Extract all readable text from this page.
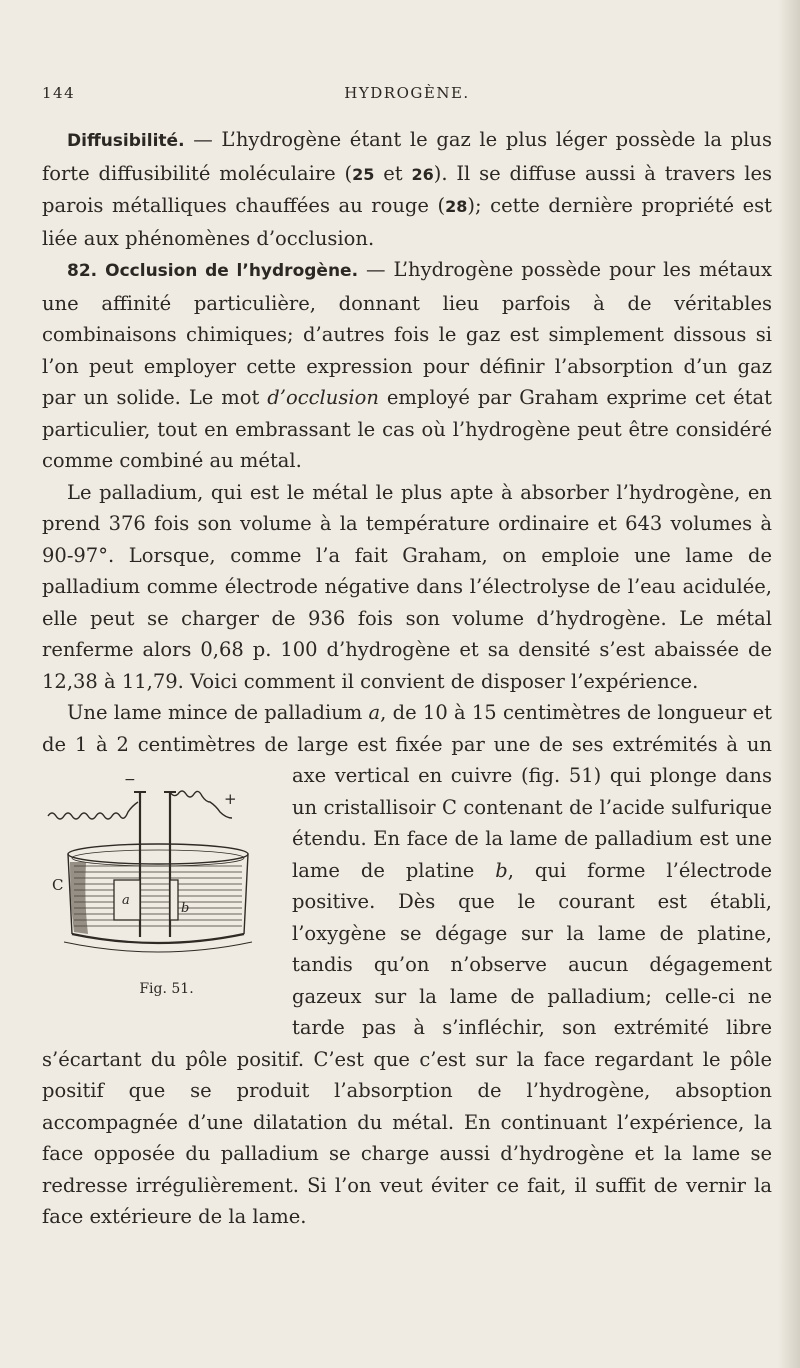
144	HYDROGÈNE.

Diffusibilité. — L’hydrogène étant le gaz le plus léger possède la plus forte diffusibilité moléculaire (25 et 26). Il se diffuse aussi à travers les parois métalliques chauffées au rouge (28); cette dernière propriété est liée aux phénomènes d’occlusion.

82. Occlusion de l’hydrogène. — L’hydrogène possède pour les métaux une affinité particulière, donnant lieu parfois à de véritables combinaisons chimiques; d’autres fois le gaz est simplement dissous si l’on peut employer cette expression pour définir l’absorption d’un gaz par un solide. Le mot d’occlusion employé par Graham exprime cet état particulier, tout en embrassant le cas où l’hydrogène peut être considéré comme combiné au métal.

Le palladium, qui est le métal le plus apte à absorber l’hydrogène, en prend 376 fois son volume à la température ordinaire et 643 volumes à 90-97°. Lorsque, comme l’a fait Graham, on emploie une lame de palladium comme électrode négative dans l’électrolyse de l’eau acidulée, elle peut se charger de 936 fois son volume d’hydrogène. Le métal renferme alors 0,68 p. 100 d’hydrogène et sa densité s’est abaissée de 12,38 à 11,79. Voici comment il convient de disposer l’expérience.

Une lame mince de palladium a, de 10 à 15 centimètres de longueur et de 1 à 2 centimètres de large est fixée par une de ses
C
a
b
−
+
Fig. 51.
extrémités à un axe vertical en cuivre (fig. 51) qui plonge dans un cristallisoir C contenant de l’acide sulfurique étendu. En face de la lame de palladium est une lame de platine b, qui forme l’électrode positive. Dès que le courant est établi, l’oxygène se dégage sur la lame de platine, tandis qu’on n’observe aucun dégagement gazeux sur la lame de palladium; celle-ci ne tarde pas à s’infléchir, son extrémité libre s’écartant du pôle positif. C’est que c’est sur la face regardant le pôle positif que se produit l’absorption de l’hydrogène, absoption accompagnée d’une dilatation du métal. En continuant l’expérience, la face opposée du palladium se charge aussi d’hydrogène et la lame se redresse irrégulièrement. Si l’on veut éviter ce fait, il suffit de vernir la face extérieure de la lame.
